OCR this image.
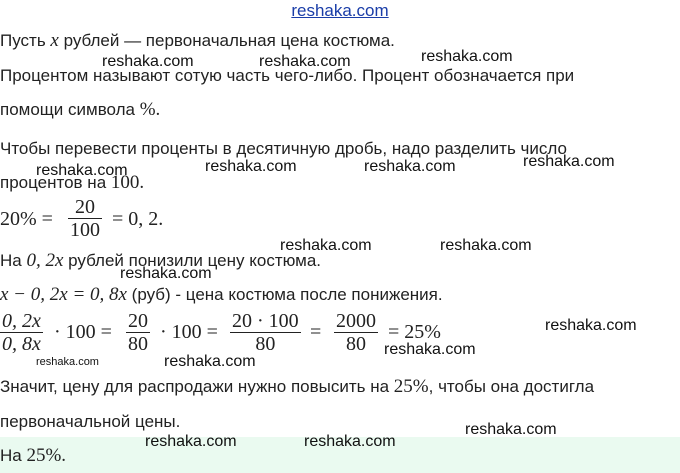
reshaka.com
Пусть x рублей — первоначальная цена костюма.
Процентом называют сотую часть чего-либо. Процент обозначается при
помощи символа %.
Чтобы перевести проценты в десятичную дробь, надо разделить число
процентов на 100.
$20\% = \frac{20}{100} = 0$, 2.
На 0, 2x рублей понизили цену костюма.
x − 0, 2x = 0, 8x (руб) - цена костюма после понижения.
$\frac{0, 2x}{0, 8x} \cdot 100 = \frac{20}{80} \cdot 100 = \frac{20 \cdot 100}{80} = \frac{2000}{80} = 25\%$
Значит, цену для распродажи нужно повысить на 25%, чтобы она достигла
первоначальной цены.
На 25%.
reshaka.com	reshaka.com	reshaka.com
reshaka.com	reshaka.com	reshaka.com	reshaka.com
reshaka.com	reshaka.com
reshaka.com
reshaka.com
reshaka.com
reshaka.com
reshaka.com
reshaka.com
reshaka.com	reshaka.com
